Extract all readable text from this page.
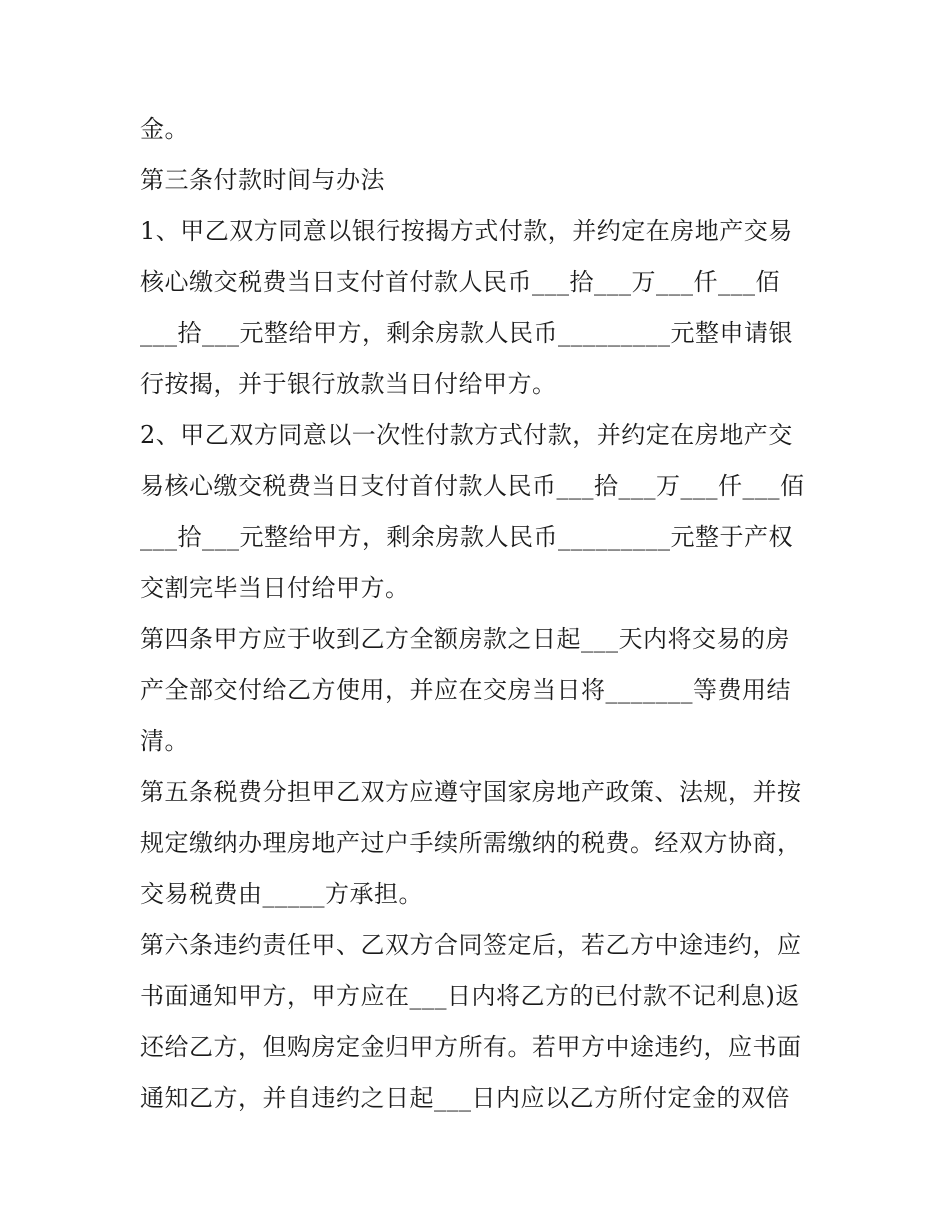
金。
第三条付款时间与办法
1、甲乙双方同意以银行按揭方式付款，并约定在房地产交易
核心缴交税费当日支付首付款人民币___拾___万___仟___佰
___拾___元整给甲方，剩余房款人民币_________元整申请银
行按揭，并于银行放款当日付给甲方。
2、甲乙双方同意以一次性付款方式付款，并约定在房地产交
易核心缴交税费当日支付首付款人民币___拾___万___仟___佰
___拾___元整给甲方，剩余房款人民币_________元整于产权
交割完毕当日付给甲方。
第四条甲方应于收到乙方全额房款之日起___天内将交易的房
产全部交付给乙方使用，并应在交房当日将_______等费用结
清。
第五条税费分担甲乙双方应遵守国家房地产政策、法规，并按
规定缴纳办理房地产过户手续所需缴纳的税费。经双方协商，
交易税费由_____方承担。
第六条违约责任甲、乙双方合同签定后，若乙方中途违约，应
书面通知甲方，甲方应在___日内将乙方的已付款不记利息)返
还给乙方，但购房定金归甲方所有。若甲方中途违约，应书面
通知乙方，并自违约之日起___日内应以乙方所付定金的双倍
